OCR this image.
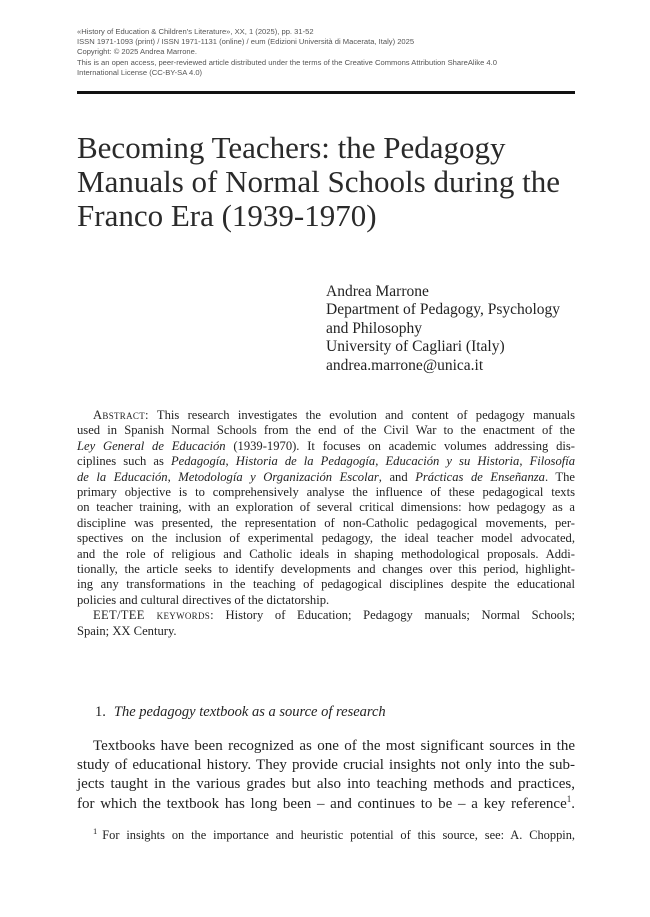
«History of Education & Children's Literature», XX, 1 (2025), pp. 31-52
ISSN 1971-1093 (print) / ISSN 1971-1131 (online) / eum (Edizioni Università di Macerata, Italy) 2025
Copyright: © 2025 Andrea Marrone.
This is an open access, peer-reviewed article distributed under the terms of the Creative Commons Attribution ShareAlike 4.0
International License (CC-BY-SA 4.0)
Becoming Teachers: the Pedagogy
Manuals of Normal Schools during the
Franco Era (1939-1970)
Andrea Marrone
Department of Pedagogy, Psychology
and Philosophy
University of Cagliari (Italy)
andrea.marrone@unica.it
Abstract: This research investigates the evolution and content of pedagogy manuals
used in Spanish Normal Schools from the end of the Civil War to the enactment of the
Ley General de Educación (1939-1970). It focuses on academic volumes addressing dis-
ciplines such as Pedagogía, Historia de la Pedagogía, Educación y su Historia, Filosofía
de la Educación, Metodología y Organización Escolar, and Prácticas de Enseñanza. The
primary objective is to comprehensively analyse the influence of these pedagogical texts
on teacher training, with an exploration of several critical dimensions: how pedagogy as a
discipline was presented, the representation of non-Catholic pedagogical movements, per-
spectives on the inclusion of experimental pedagogy, the ideal teacher model advocated,
and the role of religious and Catholic ideals in shaping methodological proposals. Addi-
tionally, the article seeks to identify developments and changes over this period, highlight-
ing any transformations in the teaching of pedagogical disciplines despite the educational
policies and cultural directives of the dictatorship.
EET/TEE keywords: History of Education; Pedagogy manuals; Normal Schools;
Spain; XX Century.
1. The pedagogy textbook as a source of research
Textbooks have been recognized as one of the most significant sources in the
study of educational history. They provide crucial insights not only into the sub-
jects taught in the various grades but also into teaching methods and practices,
for which the textbook has long been – and continues to be – a key reference$^1$.
$^1$ For insights on the importance and heuristic potential of this source, see: A. Choppin,
